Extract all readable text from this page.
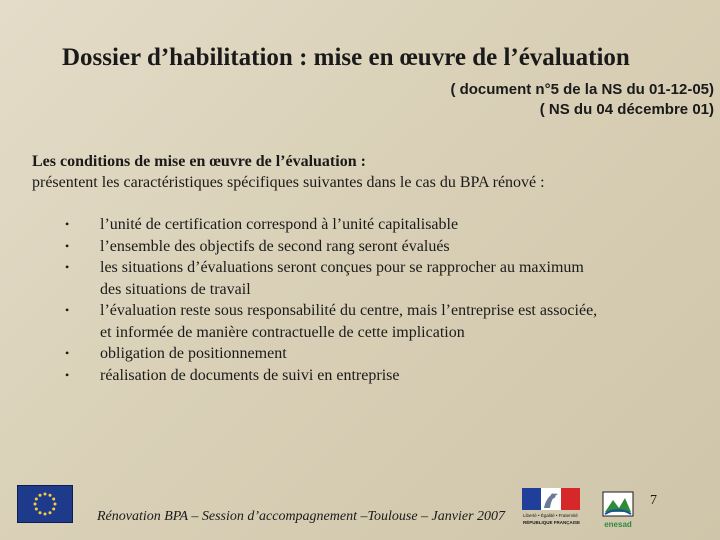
Dossier d’habilitation : mise en œuvre de l’évaluation
( document n°5 de la NS du 01-12-05)
( NS du 04 décembre 01)
Les conditions de mise en œuvre de l’évaluation :
présentent les caractéristiques spécifiques suivantes dans le cas du BPA rénové :
• l’unité de certification correspond à l’unité capitalisable
• l’ensemble des objectifs de second rang seront évalués
• les situations d’évaluations seront conçues pour se rapprocher au maximum
des situations de travail
• l’évaluation reste sous responsabilité du centre, mais l’entreprise est associée,
et informée de manière contractuelle de cette implication
• obligation de positionnement
• réalisation de documents de suivi en entreprise
Rénovation BPA – Session d’accompagnement –Toulouse – Janvier 2007
7
Liberté • Égalité • Fraternité
RÉPUBLIQUE FRANÇAISE	enesad
